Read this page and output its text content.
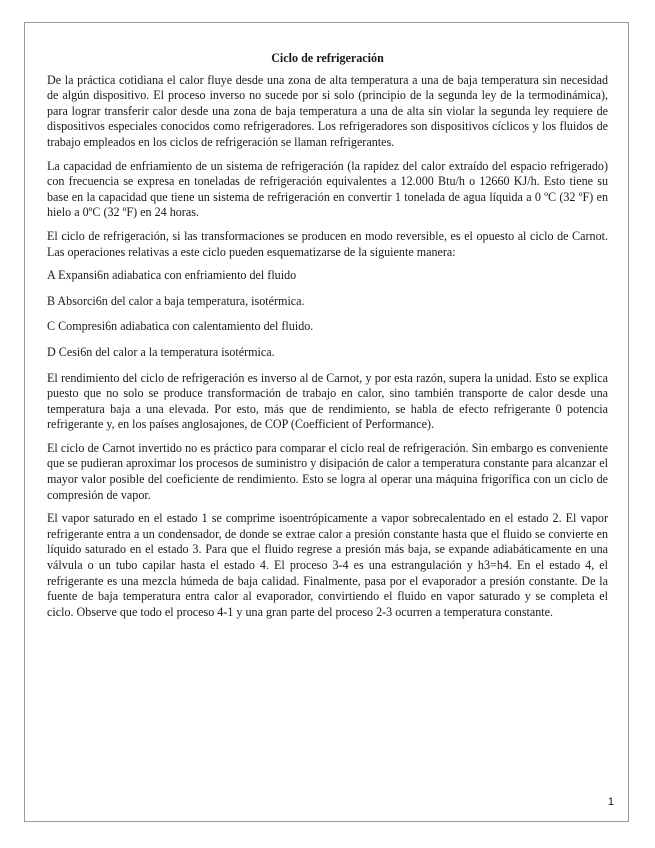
Ciclo de refrigeración

De la práctica cotidiana el calor fluye desde una zona de alta temperatura a una de baja temperatura sin necesidad de algún dispositivo. El proceso inverso no sucede por si solo (principio de la segunda ley de la termodinámica), para lograr transferir calor desde una zona de baja temperatura a una de alta sin violar la segunda ley requiere de dispositivos especiales conocidos como refrigeradores. Los refrigeradores son dispositivos cíclicos y los fluidos de trabajo empleados en los ciclos de refrigeración se llaman refrigerantes.

La capacidad de enfriamiento de un sistema de refrigeración (la rapidez del calor extraído del espacio refrigerado) con frecuencia se expresa en toneladas de refrigeración equivalentes a 12.000 Btu/h o 12660 KJ/h. Esto tiene su base en la capacidad que tiene un sistema de refrigeración en convertir 1 tonelada de agua líquida a 0 ºC (32 ºF) en hielo a 0ºC (32 ºF) en 24 horas.

El ciclo de refrigeración, si las transformaciones se producen en modo reversible, es el opuesto al ciclo de Carnot. Las operaciones relativas a este ciclo pueden esquematizarse de la siguiente manera:

A Expansi6n adiabatica con enfriamiento del fluido

B Absorci6n del calor a baja temperatura, isotérmica.

C Compresi6n adiabatica con calentamiento del fluido.

D Cesi6n del calor a la temperatura isotérmica.

El rendimiento del ciclo de refrigeración es inverso al de Carnot, y por esta razón, supera la unidad. Esto se explica puesto que no solo se produce transformación de trabajo en calor, sino también transporte de calor desde una temperatura baja a una elevada. Por esto, más que de rendimiento, se habla de efecto refrigerante 0 potencia refrigerante y, en los países anglosajones, de COP (Coefficient of Performance).

El ciclo de Carnot invertido no es práctico para comparar el ciclo real de refrigeración. Sin embargo es conveniente que se pudieran aproximar los procesos de suministro y disipación de calor a temperatura constante para alcanzar el mayor valor posible del coeficiente de rendimiento. Esto se logra al operar una máquina frigorífica con un ciclo de compresión de vapor.

El vapor saturado en el estado 1 se comprime isoentrópicamente a vapor sobrecalentado en el estado 2. El vapor refrigerante entra a un condensador, de donde se extrae calor a presión constante hasta que el fluido se convierte en líquido saturado en el estado 3. Para que el fluido regrese a presión más baja, se expande adiabáticamente en una válvula o un tubo capilar hasta el estado 4. El proceso 3-4 es una estrangulación y h3=h4. En el estado 4, el refrigerante es una mezcla húmeda de baja calidad. Finalmente, pasa por el evaporador a presión constante. De la fuente de baja temperatura entra calor al evaporador, convirtiendo el fluido en vapor saturado y se completa el ciclo. Observe que todo el proceso 4-1 y una gran parte del proceso 2-3 ocurren a temperatura constante.

1
